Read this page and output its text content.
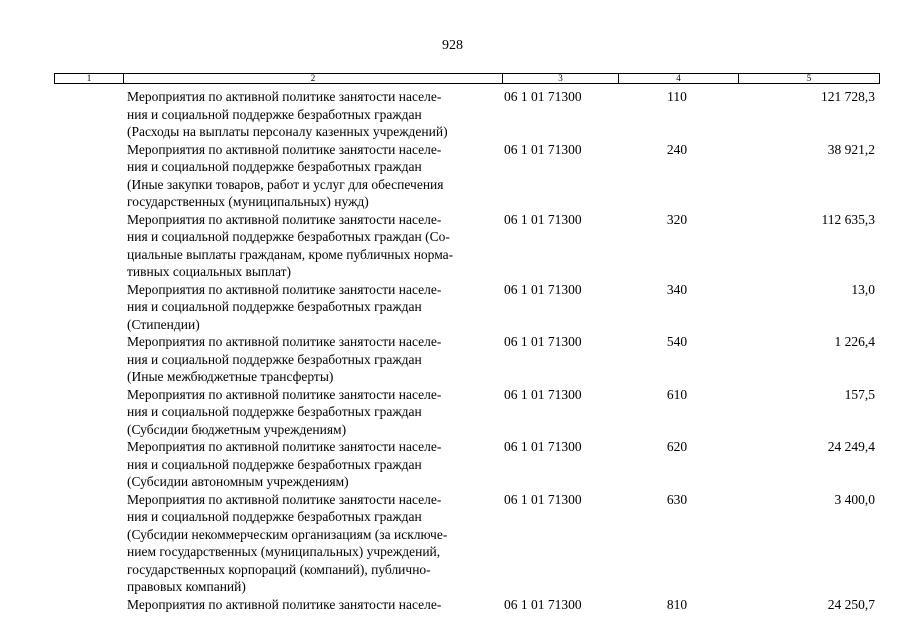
928
1	2	3	4	5
Мероприятия по активной политике занятости населе-
ния и социальной поддержке безработных граждан
(Расходы на выплаты персоналу казенных учреждений)
06 1 01 71300	110	121 728,3
Мероприятия по активной политике занятости населе-
ния и социальной поддержке безработных граждан
(Иные закупки товаров, работ и услуг для обеспечения
государственных (муниципальных) нужд)
06 1 01 71300	240	38 921,2
Мероприятия по активной политике занятости населе-
ния и социальной поддержке безработных граждан (Со-
циальные выплаты гражданам, кроме публичных норма-
тивных социальных выплат)
06 1 01 71300	320	112 635,3
Мероприятия по активной политике занятости населе-
ния и социальной поддержке безработных граждан
(Стипендии)
06 1 01 71300	340	13,0
Мероприятия по активной политике занятости населе-
ния и социальной поддержке безработных граждан
(Иные межбюджетные трансферты)
06 1 01 71300	540	1 226,4
Мероприятия по активной политике занятости населе-
ния и социальной поддержке безработных граждан
(Субсидии бюджетным учреждениям)
06 1 01 71300	610	157,5
Мероприятия по активной политике занятости населе-
ния и социальной поддержке безработных граждан
(Субсидии автономным учреждениям)
06 1 01 71300	620	24 249,4
Мероприятия по активной политике занятости населе-
ния и социальной поддержке безработных граждан
(Субсидии некоммерческим организациям (за исключе-
нием государственных (муниципальных) учреждений,
государственных корпораций (компаний), публично-
правовых компаний)
06 1 01 71300	630	3 400,0
Мероприятия по активной политике занятости населе-	06 1 01 71300	810	24 250,7
